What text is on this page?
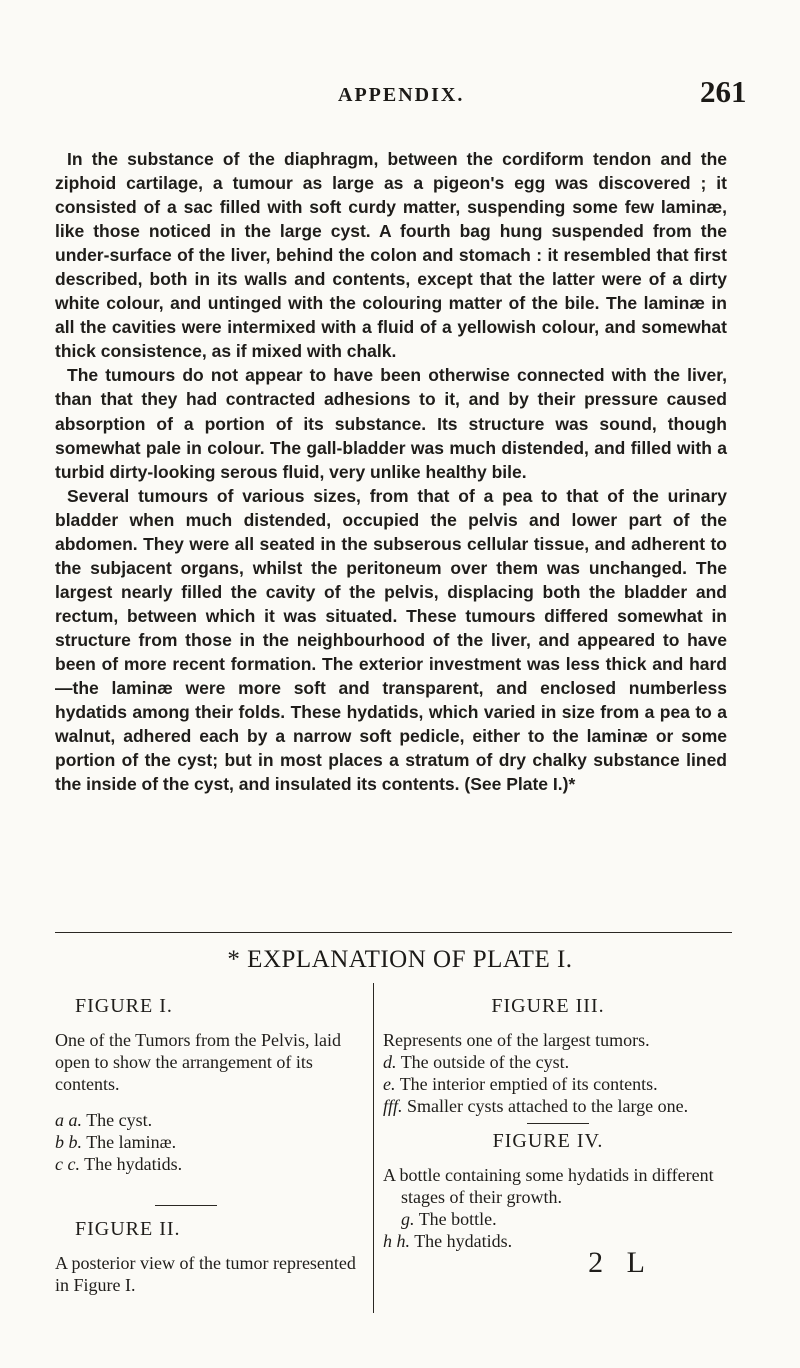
APPENDIX.	261

In the substance of the diaphragm, between the cordiform tendon and the ziphoid cartilage, a tumour as large as a pigeon's egg was discovered ; it consisted of a sac filled with soft curdy matter, suspending some few laminæ, like those noticed in the large cyst. A fourth bag hung suspended from the under-surface of the liver, behind the colon and stomach : it resembled that first described, both in its walls and contents, except that the latter were of a dirty white colour, and untinged with the colouring matter of the bile. The laminæ in all the cavities were intermixed with a fluid of a yellowish colour, and somewhat thick consistence, as if mixed with chalk.

The tumours do not appear to have been otherwise connected with the liver, than that they had contracted adhesions to it, and by their pressure caused absorption of a portion of its substance. Its structure was sound, though somewhat pale in colour. The gall-bladder was much distended, and filled with a turbid dirty-looking serous fluid, very unlike healthy bile.

Several tumours of various sizes, from that of a pea to that of the urinary bladder when much distended, occupied the pelvis and lower part of the abdomen. They were all seated in the subserous cellular tissue, and adherent to the subjacent organs, whilst the peritoneum over them was unchanged. The largest nearly filled the cavity of the pelvis, displacing both the bladder and rectum, between which it was situated. These tumours differed somewhat in structure from those in the neighbourhood of the liver, and appeared to have been of more recent formation. The exterior investment was less thick and hard—the laminæ were more soft and transparent, and enclosed numberless hydatids among their folds. These hydatids, which varied in size from a pea to a walnut, adhered each by a narrow soft pedicle, either to the laminæ or some portion of the cyst; but in most places a stratum of dry chalky substance lined the inside of the cyst, and insulated its contents. (See Plate I.)*

* EXPLANATION OF PLATE I.
FIGURE I.

One of the Tumors from the Pelvis, laid open to show the arrangement of its contents.

a a. The cyst.
b b. The laminæ.
c c. The hydatids.
FIGURE II.

A posterior view of the tumor represented in Figure I.

FIGURE III.

Represents one of the largest tumors.

d. The outside of the cyst.
e. The interior emptied of its contents.
fff. Smaller cysts attached to the large one.
FIGURE IV.

A bottle containing some hydatids in different stages of their growth.

g. The bottle.
h h. The hydatids.
2 L
